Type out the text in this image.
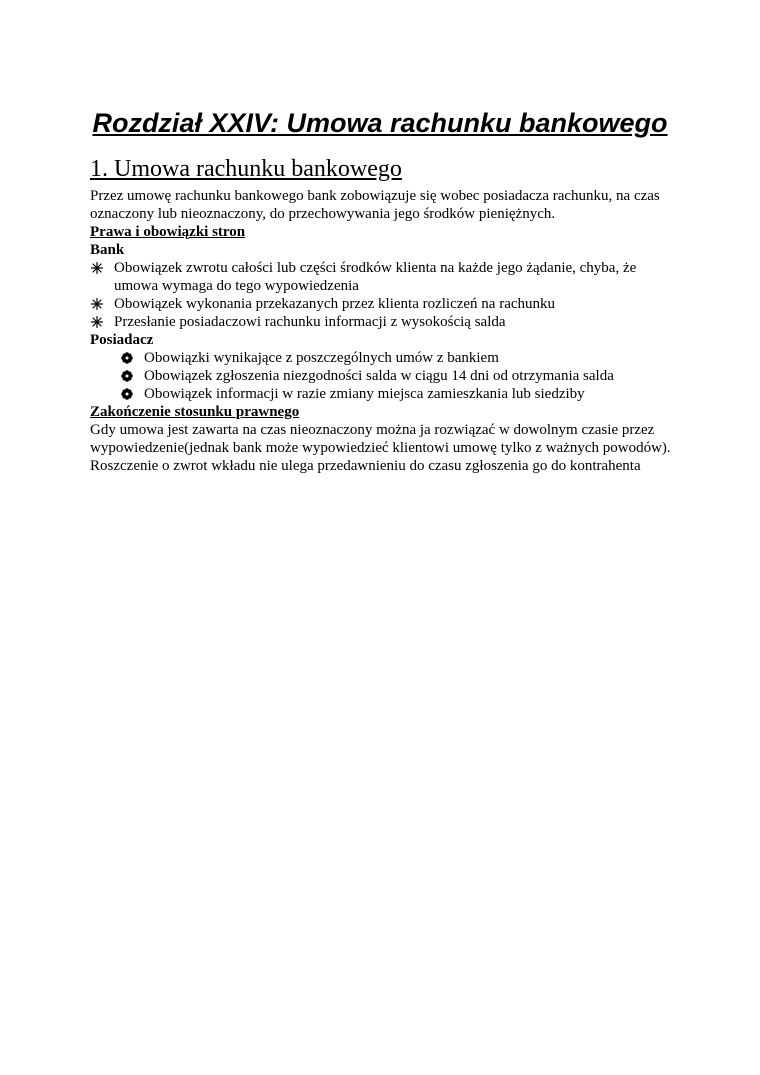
Rozdział XXIV: Umowa rachunku bankowego
1. Umowa rachunku bankowego

Przez umowę rachunku bankowego bank zobowiązuje się wobec posiadacza rachunku, na czas oznaczony lub nieoznaczony, do przechowywania jego środków pieniężnych.

Prawa i obowiązki stron

Bank

Obowiązek zwrotu całości lub części środków klienta na każde jego żądanie, chyba, że umowa wymaga do tego wypowiedzenia
Obowiązek wykonania przekazanych przez klienta rozliczeń na rachunku
Przesłanie posiadaczowi rachunku informacji z wysokością salda

Posiadacz

Obowiązki wynikające z poszczególnych umów z bankiem
Obowiązek zgłoszenia niezgodności salda w ciągu 14 dni od otrzymania salda
Obowiązek informacji w razie zmiany miejsca zamieszkania lub siedziby

Zakończenie stosunku prawnego

Gdy umowa jest zawarta na czas nieoznaczony można ja rozwiązać w dowolnym czasie przez wypowiedzenie(jednak bank może wypowiedzieć klientowi umowę tylko z ważnych powodów). Roszczenie o zwrot wkładu nie ulega przedawnieniu do czasu zgłoszenia go do kontrahenta
